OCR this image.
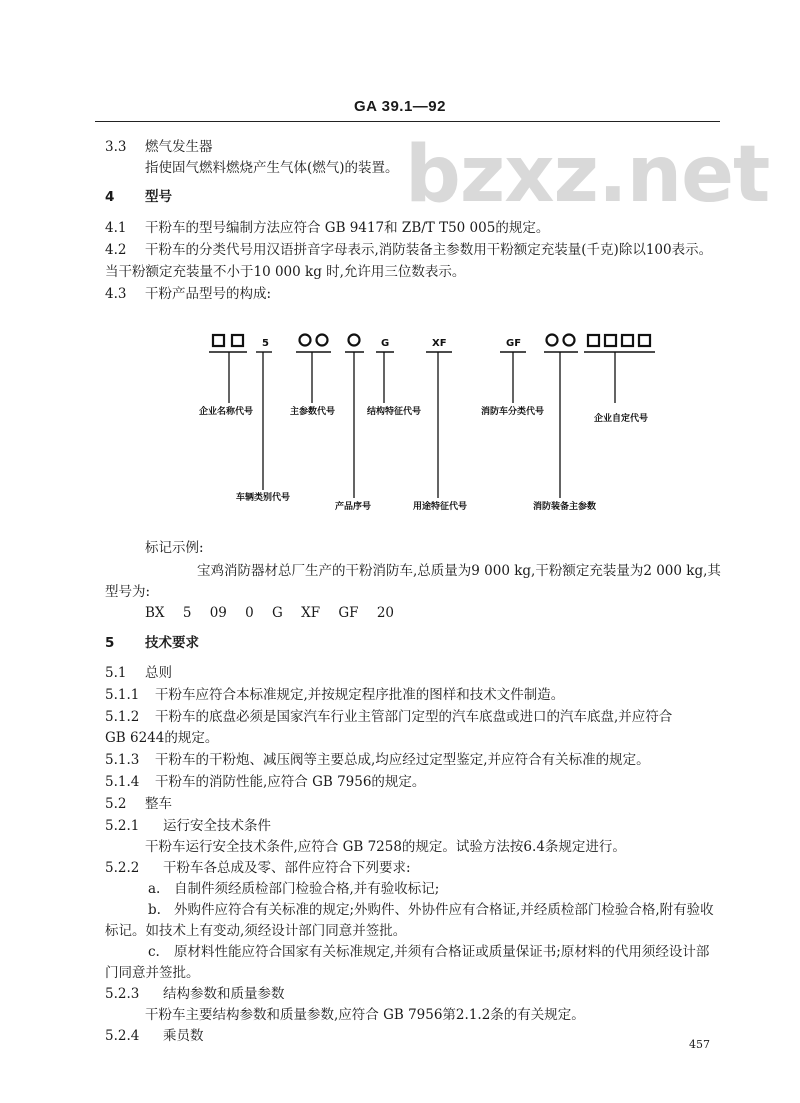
GA 39.1—92
bzxz.net
3.3 燃气发生器
指使固气燃料燃烧产生气体(燃气)的装置。
4 型号
4.1 干粉车的型号编制方法应符合 GB 9417和 ZB/T T50 005的规定。
4.2 干粉车的分类代号用汉语拼音字母表示,消防装备主参数用干粉额定充装量(千克)除以100表示。
当干粉额定充装量不小于10 000 kg 时,允许用三位数表示。
4.3 干粉产品型号的构成:
5	G	XF	GF
企业名称代号	主参数代号	结构特征代号	消防车分类代号
企业自定代号
车辆类别代号
产品序号	用途特征代号	消防装备主参数
标记示例:
宝鸡消防器材总厂生产的干粉消防车,总质量为9 000 kg,干粉额定充装量为2 000 kg,其
型号为:
BX 5 09 0 G XF GF 20
5 技术要求
5.1 总则
5.1.1 干粉车应符合本标准规定,并按规定程序批准的图样和技术文件制造。
5.1.2 干粉车的底盘必须是国家汽车行业主管部门定型的汽车底盘或进口的汽车底盘,并应符合
GB 6244的规定。
5.1.3 干粉车的干粉炮、减压阀等主要总成,均应经过定型鉴定,并应符合有关标准的规定。
5.1.4 干粉车的消防性能,应符合 GB 7956的规定。
5.2 整车
5.2.1 运行安全技术条件
干粉车运行安全技术条件,应符合 GB 7258的规定。试验方法按6.4条规定进行。
5.2.2 干粉车各总成及零、部件应符合下列要求:
a. 自制件须经质检部门检验合格,并有验收标记;
b. 外购件应符合有关标准的规定;外购件、外协件应有合格证,并经质检部门检验合格,附有验收
标记。如技术上有变动,须经设计部门同意并签批。
c. 原材料性能应符合国家有关标准规定,并须有合格证或质量保证书;原材料的代用须经设计部
门同意并签批。
5.2.3 结构参数和质量参数
干粉车主要结构参数和质量参数,应符合 GB 7956第2.1.2条的有关规定。
5.2.4 乘员数
457
